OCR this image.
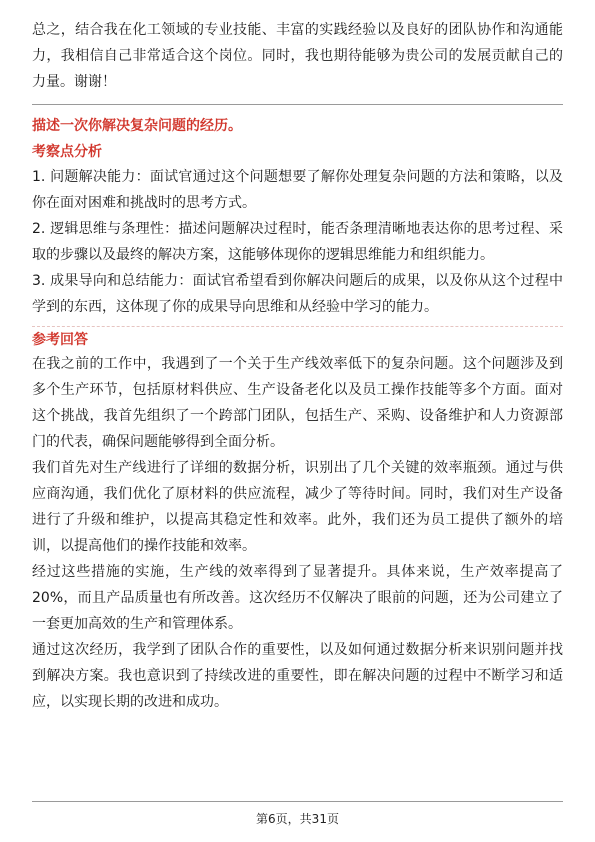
总之，结合我在化工领域的专业技能、丰富的实践经验以及良好的团队协作和沟通能力，我相信自己非常适合这个岗位。同时，我也期待能够为贵公司的发展贡献自己的力量。谢谢！

描述一次你解决复杂问题的经历。

考察点分析

1. 问题解决能力：面试官通过这个问题想要了解你处理复杂问题的方法和策略，以及你在面对困难和挑战时的思考方式。

2. 逻辑思维与条理性：描述问题解决过程时，能否条理清晰地表达你的思考过程、采取的步骤以及最终的解决方案，这能够体现你的逻辑思维能力和组织能力。

3. 成果导向和总结能力：面试官希望看到你解决问题后的成果，以及你从这个过程中学到的东西，这体现了你的成果导向思维和从经验中学习的能力。

参考回答

在我之前的工作中，我遇到了一个关于生产线效率低下的复杂问题。这个问题涉及到多个生产环节，包括原材料供应、生产设备老化以及员工操作技能等多个方面。面对这个挑战，我首先组织了一个跨部门团队，包括生产、采购、设备维护和人力资源部门的代表，确保问题能够得到全面分析。

我们首先对生产线进行了详细的数据分析，识别出了几个关键的效率瓶颈。通过与供应商沟通，我们优化了原材料的供应流程，减少了等待时间。同时，我们对生产设备进行了升级和维护，以提高其稳定性和效率。此外，我们还为员工提供了额外的培训，以提高他们的操作技能和效率。

经过这些措施的实施，生产线的效率得到了显著提升。具体来说，生产效率提高了20%，而且产品质量也有所改善。这次经历不仅解决了眼前的问题，还为公司建立了一套更加高效的生产和管理体系。

通过这次经历，我学到了团队合作的重要性，以及如何通过数据分析来识别问题并找到解决方案。我也意识到了持续改进的重要性，即在解决问题的过程中不断学习和适应，以实现长期的改进和成功。

第6页，共31页
